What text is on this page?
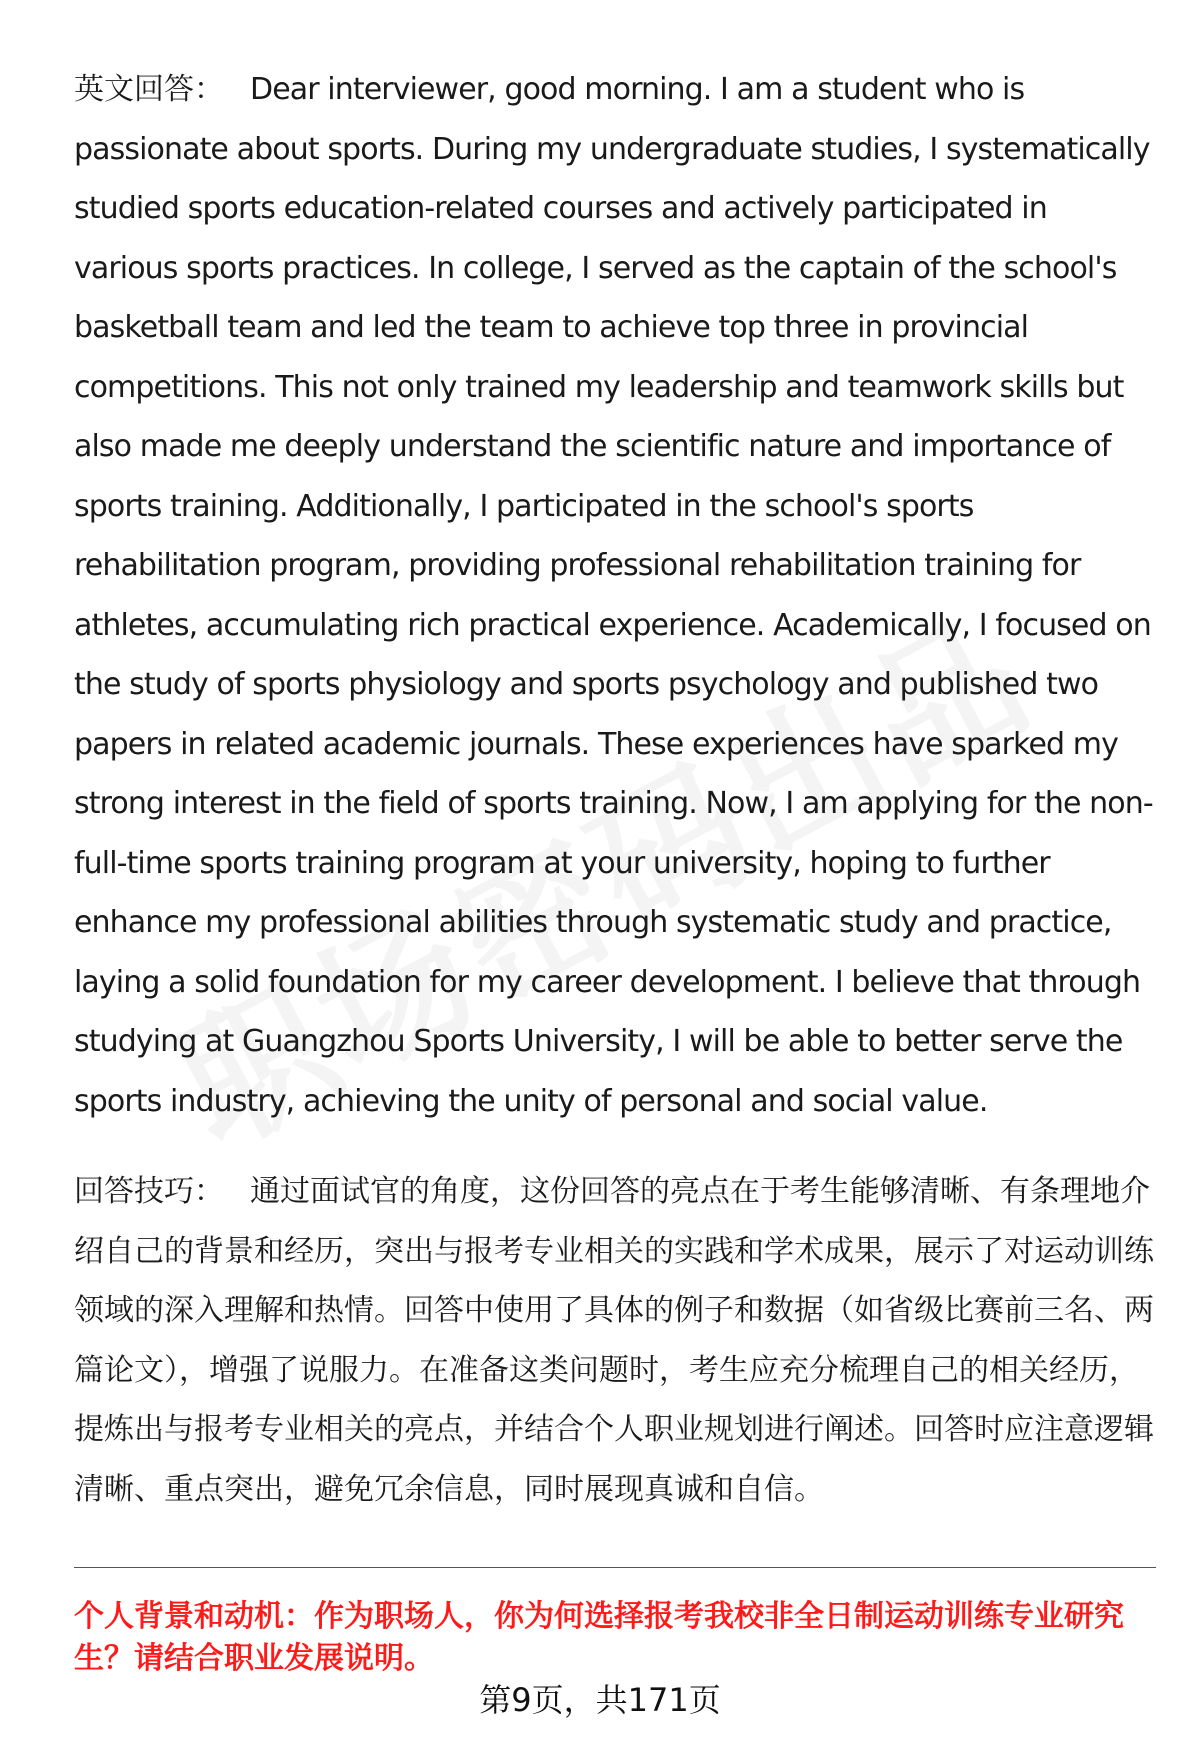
英文回答： Dear interviewer, good morning. I am a student who is passionate about sports. During my undergraduate studies, I systematically studied sports education-related courses and actively participated in various sports practices. In college, I served as the captain of the school's basketball team and led the team to achieve top three in provincial competitions. This not only trained my leadership and teamwork skills but also made me deeply understand the scientific nature and importance of sports training. Additionally, I participated in the school's sports rehabilitation program, providing professional rehabilitation training for athletes, accumulating rich practical experience. Academically, I focused on the study of sports physiology and sports psychology and published two papers in related academic journals. These experiences have sparked my strong interest in the field of sports training. Now, I am applying for the non-full-time sports training program at your university, hoping to further enhance my professional abilities through systematic study and practice, laying a solid foundation for my career development. I believe that through studying at Guangzhou Sports University, I will be able to better serve the sports industry, achieving the unity of personal and social value.
回答技巧： 通过面试官的角度，这份回答的亮点在于考生能够清晰、有条理地介绍自己的背景和经历，突出与报考专业相关的实践和学术成果，展示了对运动训练领域的深入理解和热情。回答中使用了具体的例子和数据（如省级比赛前三名、两篇论文），增强了说服力。在准备这类问题时，考生应充分梳理自己的相关经历，提炼出与报考专业相关的亮点，并结合个人职业规划进行阐述。回答时应注意逻辑清晰、重点突出，避免冗余信息，同时展现真诚和自信。
个人背景和动机：作为职场人，你为何选择报考我校非全日制运动训练专业研究生？请结合职业发展说明。
第9页，共171页
